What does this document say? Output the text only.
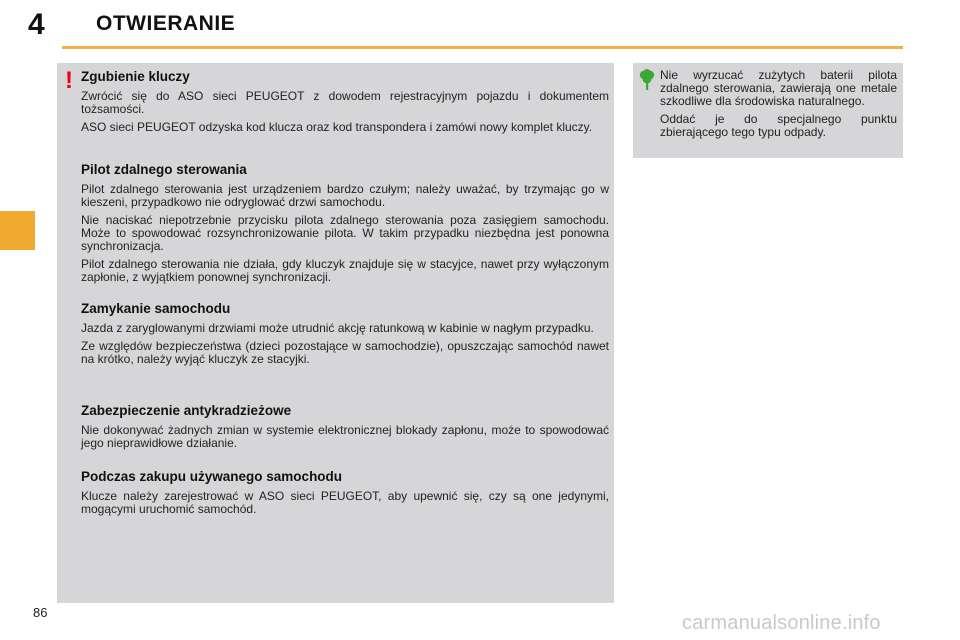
4 OTWIERANIE
! Zgubienie kluczy

Zwrócić się do ASO sieci PEUGEOT z dowodem rejestracyjnym pojazdu i dokumentem tożsamości.

ASO sieci PEUGEOT odzyska kod klucza oraz kod transpondera i zamówi nowy komplet kluczy.

Pilot zdalnego sterowania

Pilot zdalnego sterowania jest urządzeniem bardzo czułym; należy uważać, by trzymając go w kieszeni, przypadkowo nie odryglować drzwi samochodu.

Nie naciskać niepotrzebnie przycisku pilota zdalnego sterowania poza zasięgiem samochodu. Może to spowodować rozsynchronizowanie pilota. W takim przypadku niezbędna jest ponowna synchronizacja.

Pilot zdalnego sterowania nie działa, gdy kluczyk znajduje się w stacyjce, nawet przy wyłączonym zapłonie, z wyjątkiem ponownej synchronizacji.

Zamykanie samochodu

Jazda z zaryglowanymi drzwiami może utrudnić akcję ratunkową w kabinie w nagłym przypadku.

Ze względów bezpieczeństwa (dzieci pozostające w samochodzie), opuszczając samochód nawet na krótko, należy wyjąć kluczyk ze stacyjki.

Zabezpieczenie antykradzieżowe

Nie dokonywać żadnych zmian w systemie elektronicznej blokady zapłonu, może to spowodować jego nieprawidłowe działanie.

Podczas zakupu używanego samochodu

Klucze należy zarejestrować w ASO sieci PEUGEOT, aby upewnić się, czy są one jedynymi, mogącymi uruchomić samochód.

Nie wyrzucać zużytych baterii pilota zdalnego sterowania, zawierają one metale szkodliwe dla środowiska naturalnego.

Oddać je do specjalnego punktu zbierającego tego typu odpady.

86	carmanualsonline.info
